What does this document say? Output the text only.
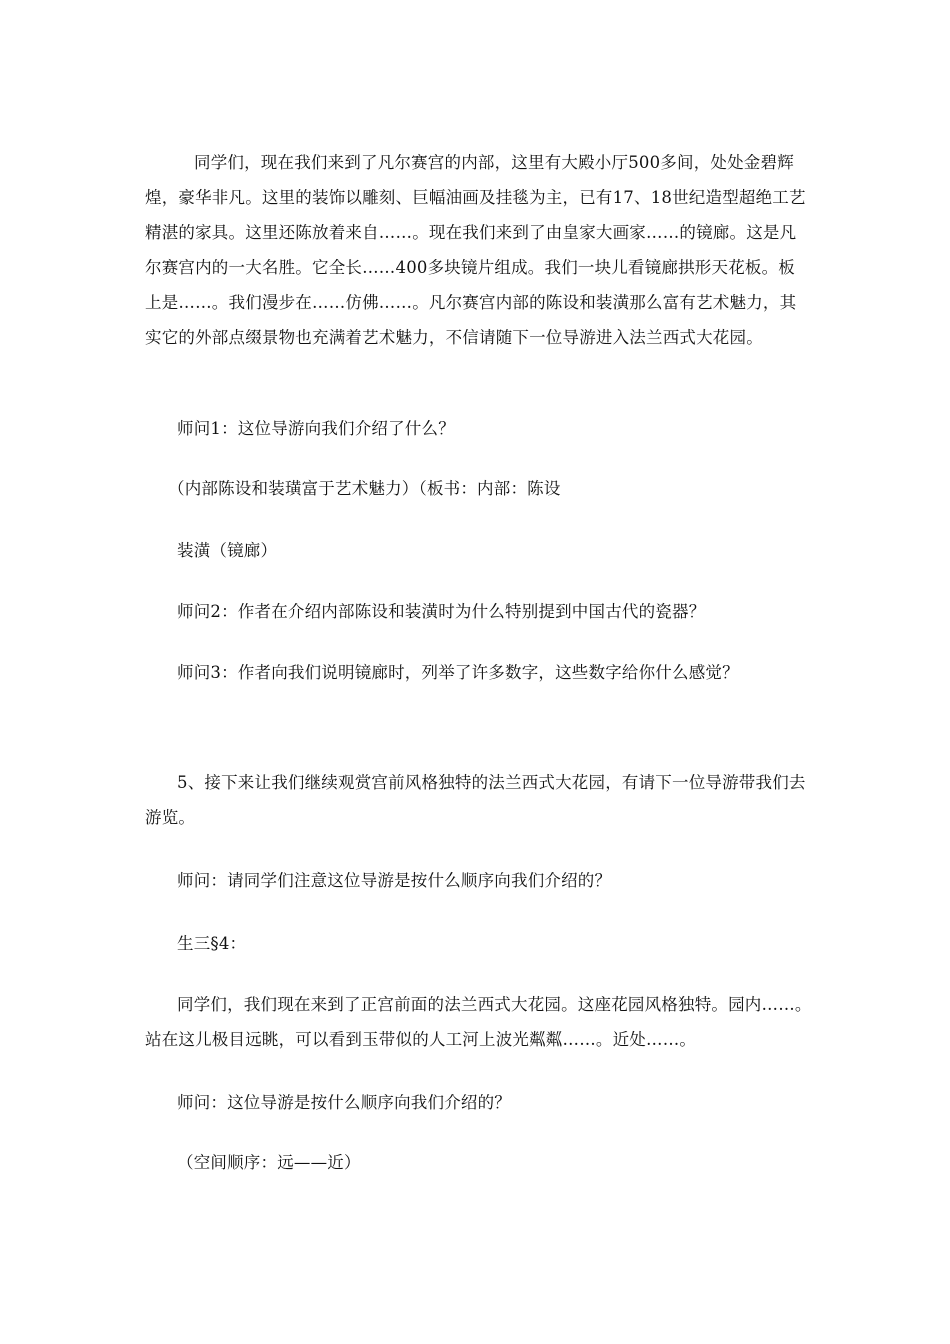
同学们，现在我们来到了凡尔赛宫的内部，这里有大殿小厅500多间，处处金碧辉
煌，豪华非凡。这里的装饰以雕刻、巨幅油画及挂毯为主，已有17、18世纪造型超绝工艺
精湛的家具。这里还陈放着来自……。现在我们来到了由皇家大画家……的镜廊。这是凡
尔赛宫内的一大名胜。它全长……400多块镜片组成。我们一块儿看镜廊拱形天花板。板
上是……。我们漫步在……仿佛……。凡尔赛宫内部的陈设和装潢那么富有艺术魅力，其
实它的外部点缀景物也充满着艺术魅力，不信请随下一位导游进入法兰西式大花园。
师问1：这位导游向我们介绍了什么？
（内部陈设和装璜富于艺术魅力）（板书：内部：陈设
装潢（镜廊）
师问2：作者在介绍内部陈设和装潢时为什么特别提到中国古代的瓷器？
师问3：作者向我们说明镜廊时，列举了许多数字，这些数字给你什么感觉？
5、接下来让我们继续观赏宫前风格独特的法兰西式大花园，有请下一位导游带我们去
游览。
师问：请同学们注意这位导游是按什么顺序向我们介绍的？
生三§4：
同学们，我们现在来到了正宫前面的法兰西式大花园。这座花园风格独特。园内……。
站在这儿极目远眺，可以看到玉带似的人工河上波光粼粼……。近处……。
师问：这位导游是按什么顺序向我们介绍的？
（空间顺序：远——近）
